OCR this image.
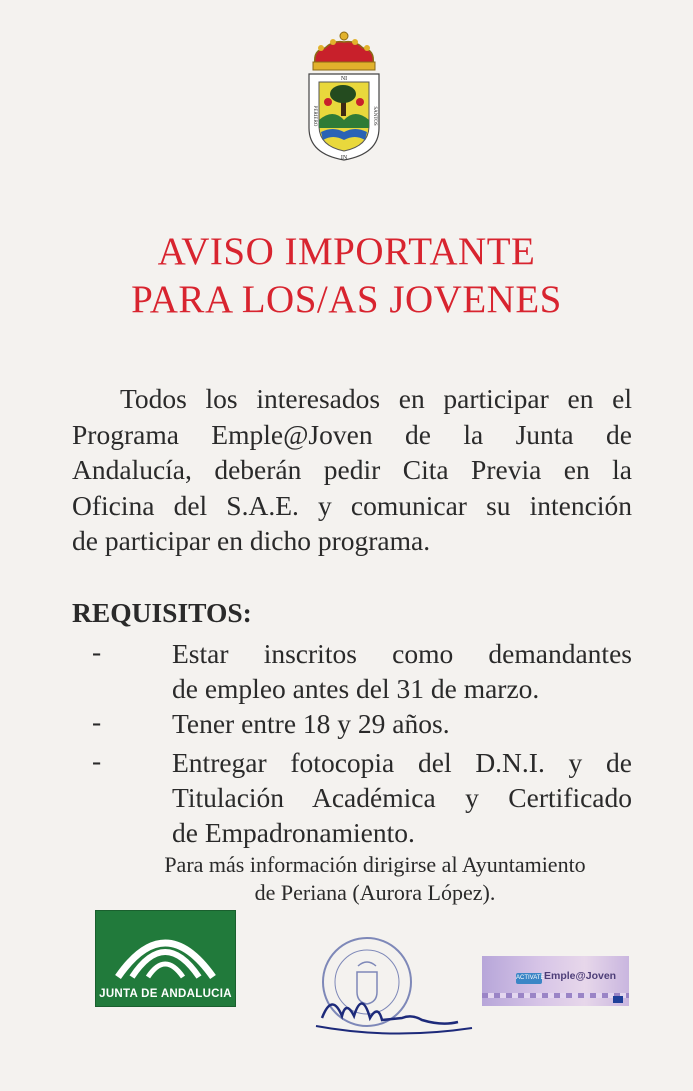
NI
IN
PERIERO	SANTOS
AVISO IMPORTANTE
PARA LOS/AS JOVENES
Todos los interesados en participar en el
Programa Emple@Joven de la Junta de
Andalucía, deberán pedir Cita Previa en la
Oficina del S.A.E. y comunicar su intención
de participar en dicho programa.
REQUISITOS:
-	Estar inscritos como demandantes
de empleo antes del 31 de marzo.
-	Tener entre 18 y 29 años.
-	Entregar fotocopia del D.N.I. y de
Titulación Académica y Certificado
de Empadronamiento.
Para más información dirigirse al Ayuntamiento
de Periana (Aurora López).
JUNTA DE ANDALUCIA
ACTIVATE!
Emple@Joven
